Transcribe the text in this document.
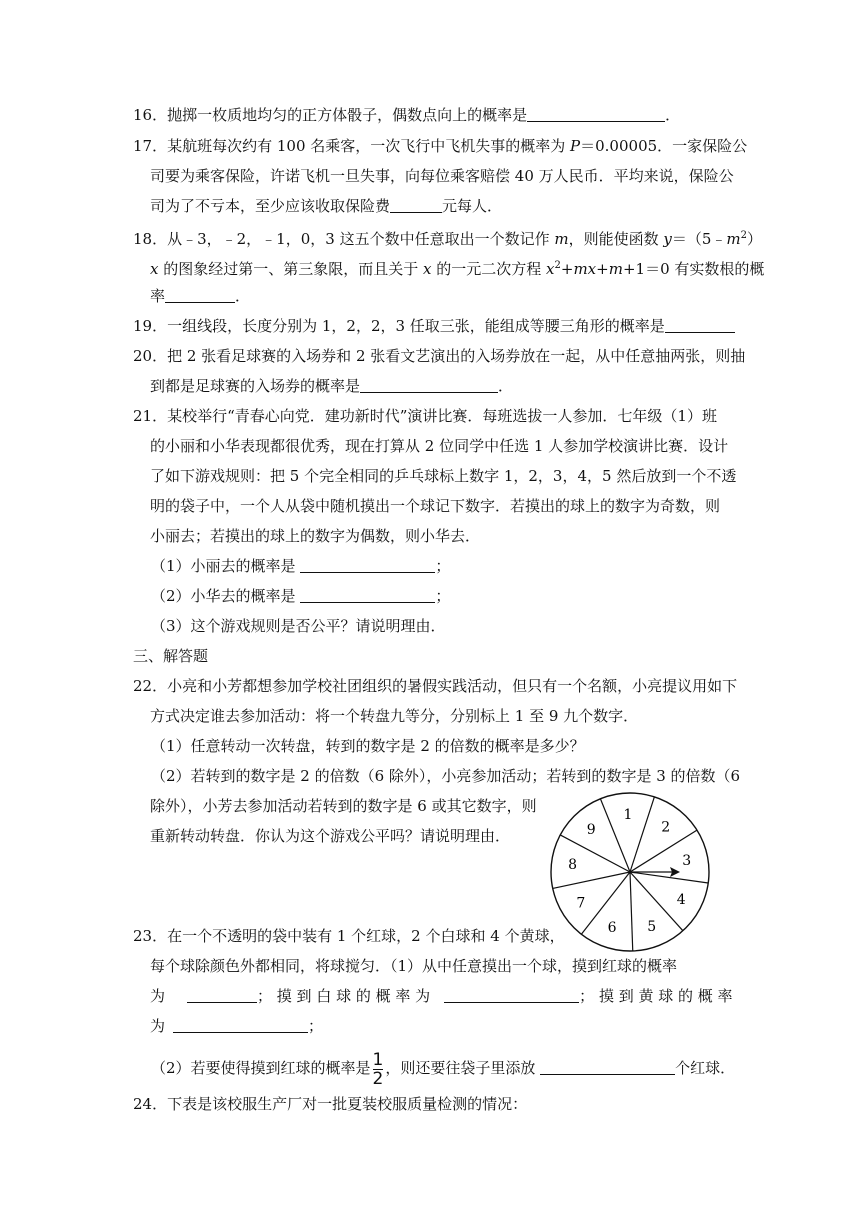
16．抛掷一枚质地均匀的正方体骰子，偶数点向上的概率是	．
17．某航班每次约有 100 名乘客，一次飞行中飞机失事的概率为 P＝0.00005．一家保险公
司要为乘客保险，许诺飞机一旦失事，向每位乘客赔偿 40 万人民币．平均来说，保险公
司为了不亏本，至少应该收取保险费	元每人．
18．从﹣3，﹣2，﹣1，0，3 这五个数中任意取出一个数记作 m，则能使函数 $y=(5﹣m^2)$
x 的图象经过第一、第三象限，而且关于 x 的一元二次方程 $x^2+mx+m+1=0$ 有实数根的概
率	．
19．一组线段，长度分别为 1，2，2，3 任取三张，能组成等腰三角形的概率是
20．把 2 张看足球赛的入场券和 2 张看文艺演出的入场券放在一起，从中任意抽两张，则抽
到都是足球赛的入场券的概率是	．
21．某校举行“青春心向党．建功新时代”演讲比赛．每班选拔一人参加．七年级（1）班
的小丽和小华表现都很优秀，现在打算从 2 位同学中任选 1 人参加学校演讲比赛．设计
了如下游戏规则：把 5 个完全相同的乒乓球标上数字 1，2，3，4，5 然后放到一个不透
明的袋子中，一个人从袋中随机摸出一个球记下数字．若摸出的球上的数字为奇数，则
小丽去；若摸出的球上的数字为偶数，则小华去．
（1）小丽去的概率是	；
（2）小华去的概率是	；
（3）这个游戏规则是否公平？请说明理由．
三、解答题
22．小亮和小芳都想参加学校社团组织的暑假实践活动，但只有一个名额，小亮提议用如下
方式决定谁去参加活动：将一个转盘九等分，分别标上 1 至 9 九个数字．
（1）任意转动一次转盘，转到的数字是 2 的倍数的概率是多少？
（2）若转到的数字是 2 的倍数（6 除外），小亮参加活动；若转到的数字是 3 的倍数（6
除外），小芳去参加活动若转到的数字是 6 或其它数字，则
重新转动转盘．你认为这个游戏公平吗？请说明理由．
1
2
3
4
5
6
7
8
9
23．在一个不透明的袋中装有 1 个红球，2 个白球和 4 个黄球，
每个球除颜色外都相同，将球搅匀．（1）从中任意摸出一个球，摸到红球的概率
为	； 摸 到 白 球 的 概 率 为	； 摸 到 黄 球 的 概 率
为	；
（2）若要使得摸到红球的概率是 $\frac{1}{2}$ ，则还要往袋子里添放	个红球．
24．下表是该校服生产厂对一批夏装校服质量检测的情况：
